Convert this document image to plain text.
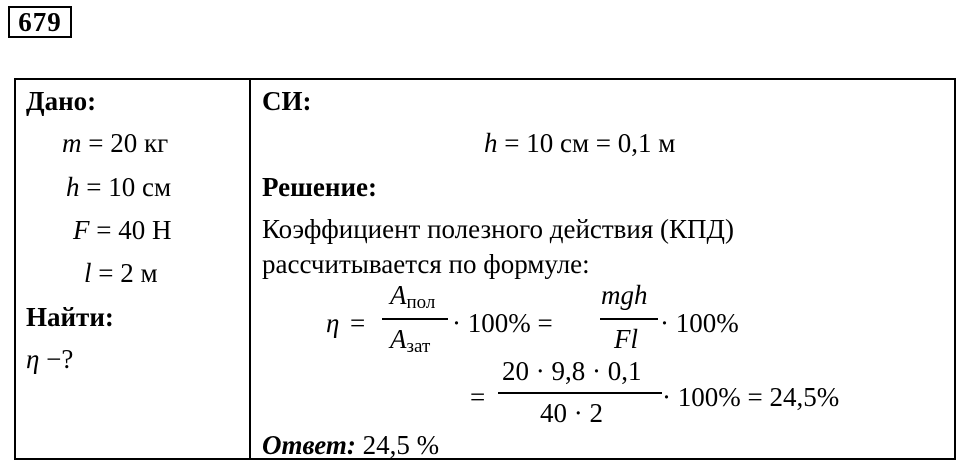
679
Дано:
m = 20 кг
h = 10 см
F = 40 Н
l = 2 м
Найти:
η −?
СИ:
h = 10 см = 0,1 м
Решение:
Коэффициент полезного действия (КПД)
рассчитывается по формуле:
η =
$A_{пол}$
$A_{зат}$
· 100% =
mgh
Fl
· 100%
=
20 · 9,8 · 0,1
40 · 2
· 100% = 24,5%
Ответ: 24,5 %
